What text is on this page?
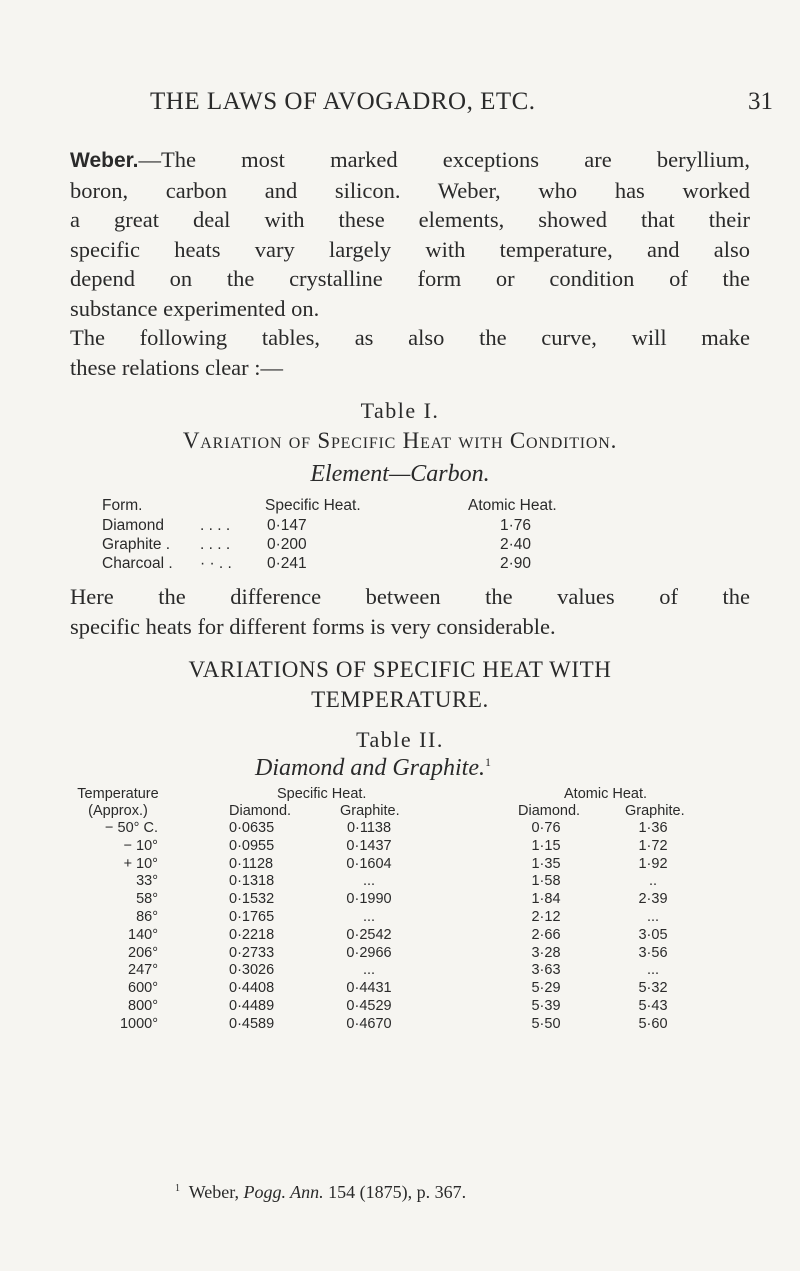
THE LAWS OF AVOGADRO, ETC.	31

Weber.—The most marked exceptions are beryllium,

boron, carbon and silicon. Weber, who has worked

a great deal with these elements, showed that their

specific heats vary largely with temperature, and also

depend on the crystalline form or condition of the

substance experimented on.

The following tables, as also the curve, will make

these relations clear :—

Table I.
Variation of Specific Heat with Condition.
Element—Carbon.
Form.	Specific Heat.	Atomic Heat.
Diamond . . . . 0·147	1·76
Graphite . . . . . 0·200	2·40
Charcoal . · · . . 0·241	2·90

Here the difference between the values of the

specific heats for different forms is very considerable.

VARIATIONS OF SPECIFIC HEAT WITH
TEMPERATURE.
Table II.
Diamond and Graphite.$^1$
Temperature
(Approx.)
Specific Heat.	Atomic Heat.
Diamond.	Graphite.	Diamond.	Graphite.
− 50° C.	0·0635	0·1138	0·76	1·36
− 10°	0·0955	0·1437	1·15	1·72
+ 10°	0·1128	0·1604	1·35	1·92
33°	0·1318	...	1·58	..
58°	0·1532	0·1990	1·84	2·39
86°	0·1765	...	2·12	...
140°	0·2218	0·2542	2·66	3·05
206°	0·2733	0·2966	3·28	3·56
247°	0·3026	...	3·63	...
600°	0·4408	0·4431	5·29	5·32
800°	0·4489	0·4529	5·39	5·43
1000°	0·4589	0·4670	5·50	5·60
$^1$ Weber, Pogg. Ann. 154 (1875), p. 367.
